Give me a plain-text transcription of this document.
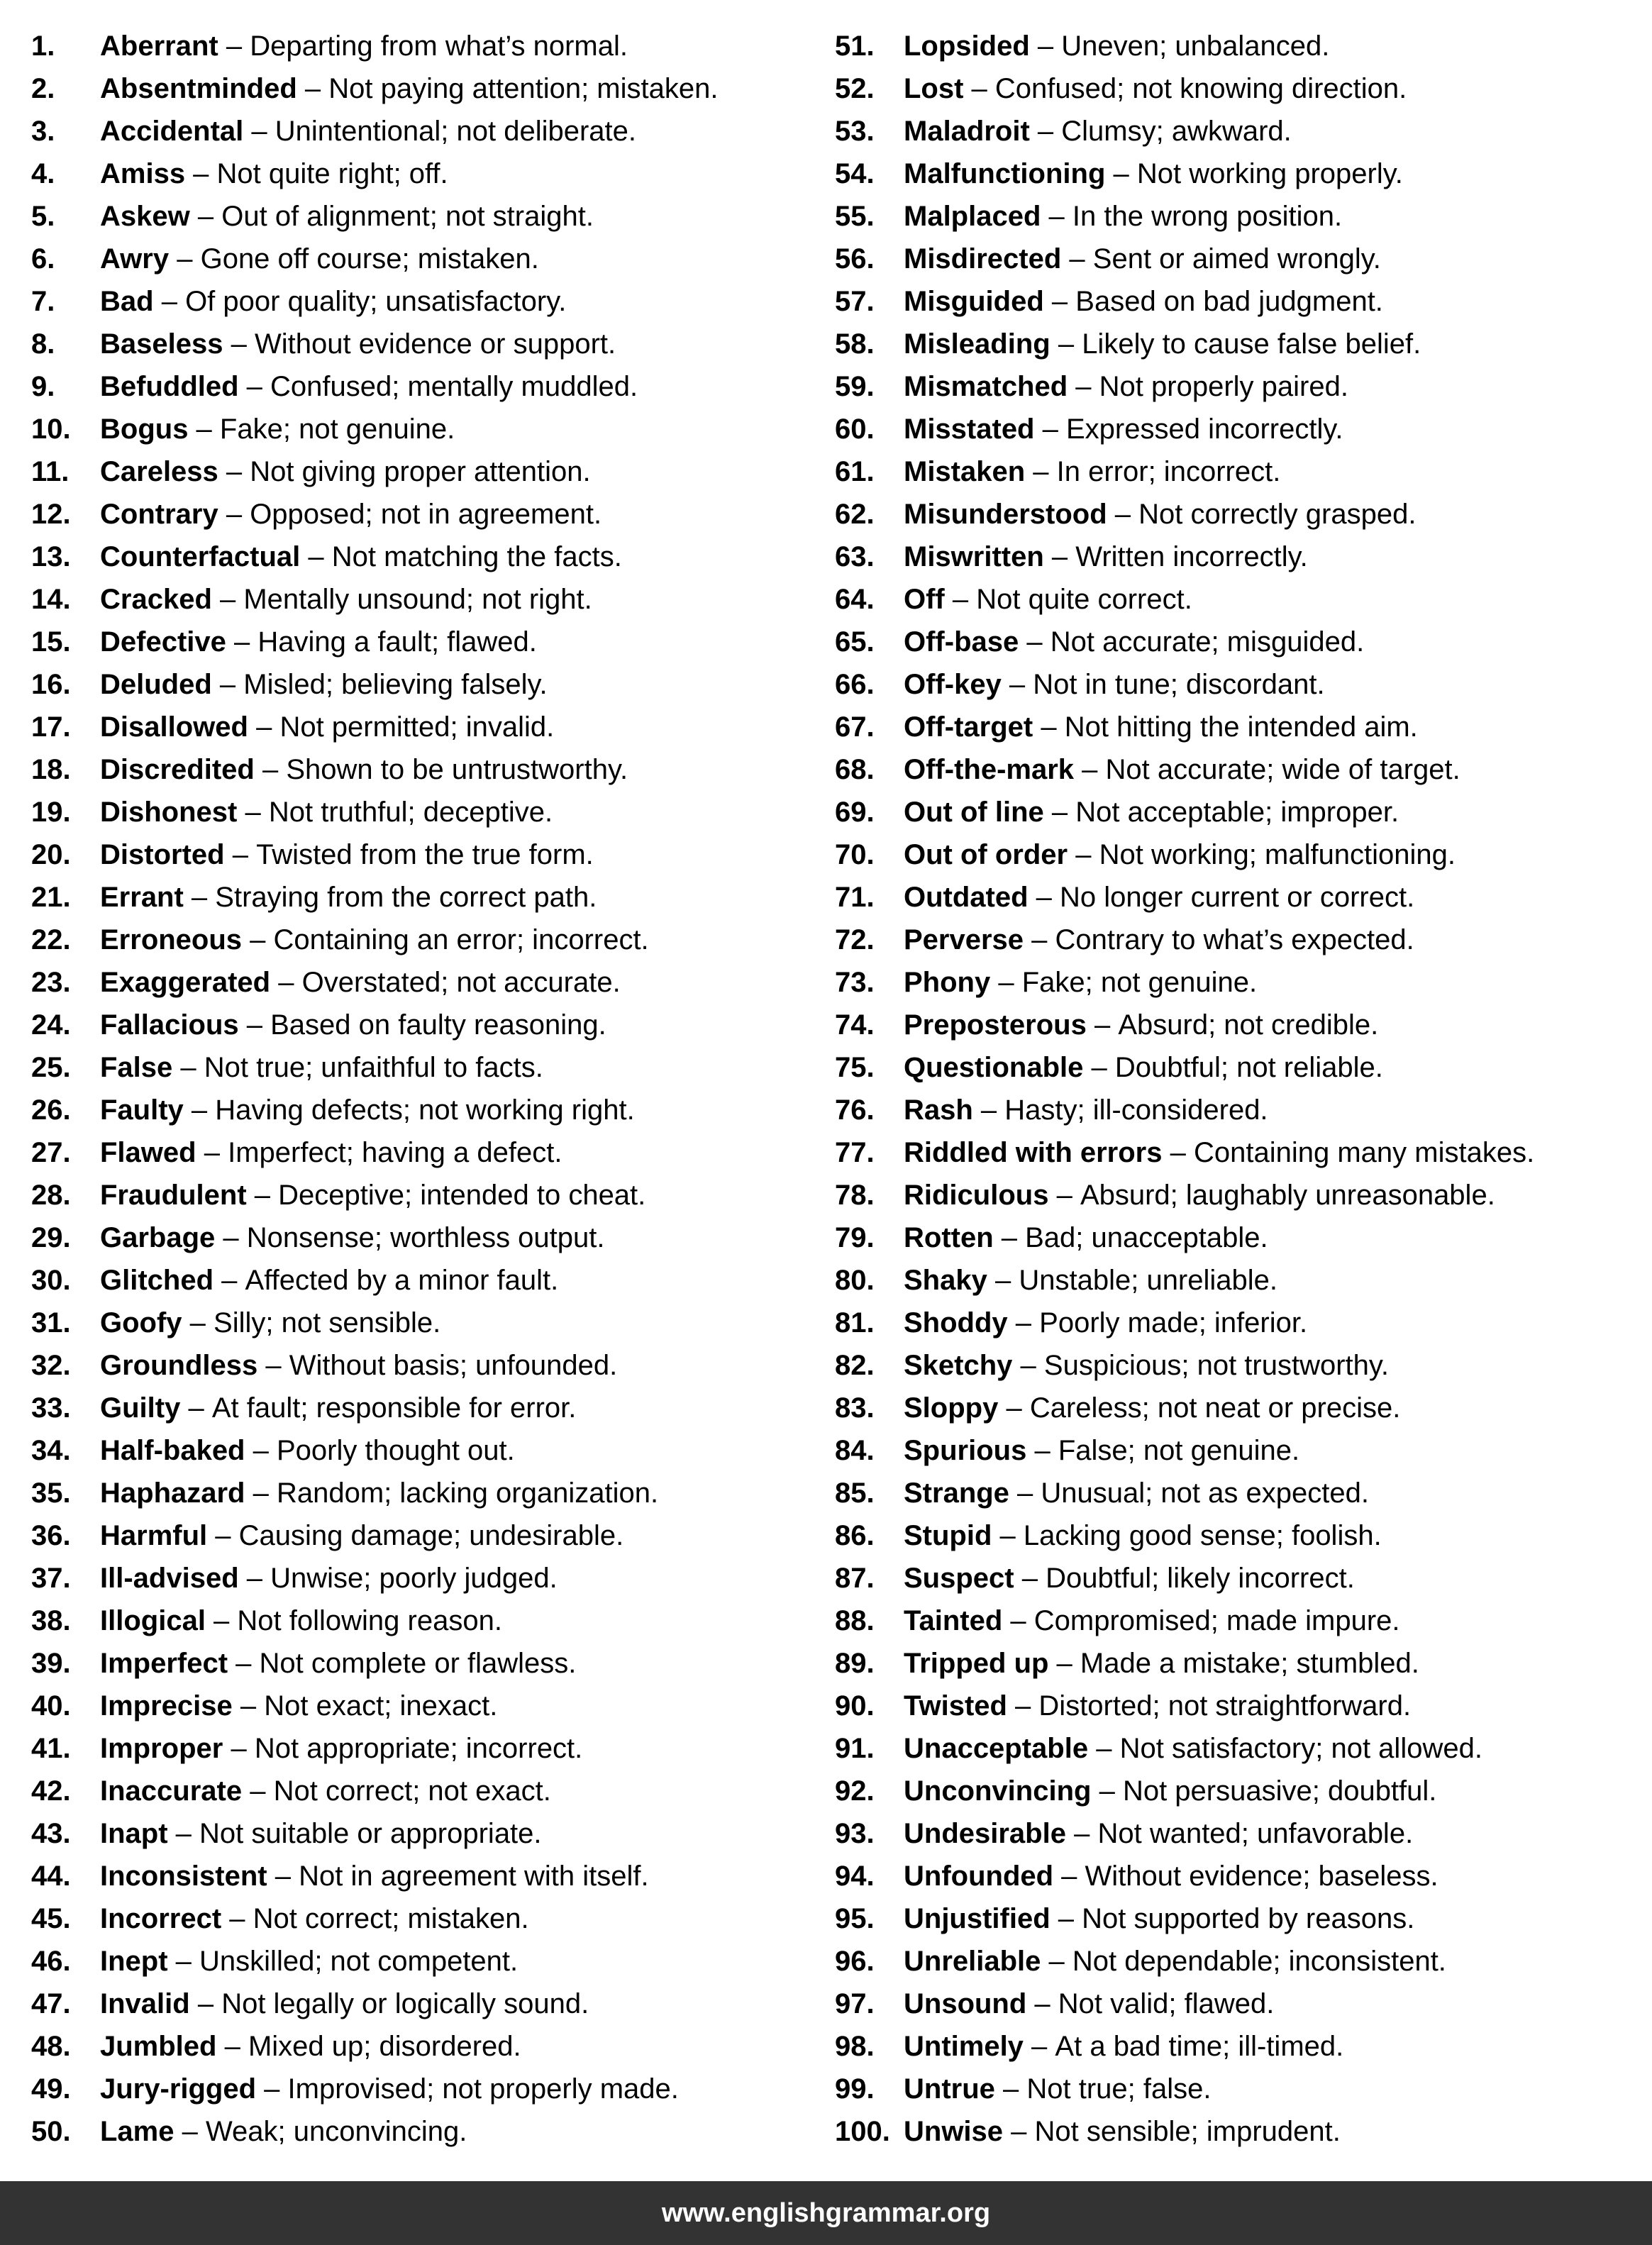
1.	Aberrant – Departing from what’s normal.
2.	Absentminded – Not paying attention; mistaken.
3.	Accidental – Unintentional; not deliberate.
4.	Amiss – Not quite right; off.
5.	Askew – Out of alignment; not straight.
6.	Awry – Gone off course; mistaken.
7.	Bad – Of poor quality; unsatisfactory.
8.	Baseless – Without evidence or support.
9.	Befuddled – Confused; mentally muddled.
10.	Bogus – Fake; not genuine.
11.	Careless – Not giving proper attention.
12.	Contrary – Opposed; not in agreement.
13.	Counterfactual – Not matching the facts.
14.	Cracked – Mentally unsound; not right.
15.	Defective – Having a fault; flawed.
16.	Deluded – Misled; believing falsely.
17.	Disallowed – Not permitted; invalid.
18.	Discredited – Shown to be untrustworthy.
19.	Dishonest – Not truthful; deceptive.
20.	Distorted – Twisted from the true form.
21.	Errant – Straying from the correct path.
22.	Erroneous – Containing an error; incorrect.
23.	Exaggerated – Overstated; not accurate.
24.	Fallacious – Based on faulty reasoning.
25.	False – Not true; unfaithful to facts.
26.	Faulty – Having defects; not working right.
27.	Flawed – Imperfect; having a defect.
28.	Fraudulent – Deceptive; intended to cheat.
29.	Garbage – Nonsense; worthless output.
30.	Glitched – Affected by a minor fault.
31.	Goofy – Silly; not sensible.
32.	Groundless – Without basis; unfounded.
33.	Guilty – At fault; responsible for error.
34.	Half-baked – Poorly thought out.
35.	Haphazard – Random; lacking organization.
36.	Harmful – Causing damage; undesirable.
37.	Ill-advised – Unwise; poorly judged.
38.	Illogical – Not following reason.
39.	Imperfect – Not complete or flawless.
40.	Imprecise – Not exact; inexact.
41.	Improper – Not appropriate; incorrect.
42.	Inaccurate – Not correct; not exact.
43.	Inapt – Not suitable or appropriate.
44.	Inconsistent – Not in agreement with itself.
45.	Incorrect – Not correct; mistaken.
46.	Inept – Unskilled; not competent.
47.	Invalid – Not legally or logically sound.
48.	Jumbled – Mixed up; disordered.
49.	Jury-rigged – Improvised; not properly made.
50.	Lame – Weak; unconvincing.
51.	Lopsided – Uneven; unbalanced.
52.	Lost – Confused; not knowing direction.
53.	Maladroit – Clumsy; awkward.
54.	Malfunctioning – Not working properly.
55.	Malplaced – In the wrong position.
56.	Misdirected – Sent or aimed wrongly.
57.	Misguided – Based on bad judgment.
58.	Misleading – Likely to cause false belief.
59.	Mismatched – Not properly paired.
60.	Misstated – Expressed incorrectly.
61.	Mistaken – In error; incorrect.
62.	Misunderstood – Not correctly grasped.
63.	Miswritten – Written incorrectly.
64.	Off – Not quite correct.
65.	Off-base – Not accurate; misguided.
66.	Off-key – Not in tune; discordant.
67.	Off-target – Not hitting the intended aim.
68.	Off-the-mark – Not accurate; wide of target.
69.	Out of line – Not acceptable; improper.
70.	Out of order – Not working; malfunctioning.
71.	Outdated – No longer current or correct.
72.	Perverse – Contrary to what’s expected.
73.	Phony – Fake; not genuine.
74.	Preposterous – Absurd; not credible.
75.	Questionable – Doubtful; not reliable.
76.	Rash – Hasty; ill-considered.
77.	Riddled with errors – Containing many mistakes.
78.	Ridiculous – Absurd; laughably unreasonable.
79.	Rotten – Bad; unacceptable.
80.	Shaky – Unstable; unreliable.
81.	Shoddy – Poorly made; inferior.
82.	Sketchy – Suspicious; not trustworthy.
83.	Sloppy – Careless; not neat or precise.
84.	Spurious – False; not genuine.
85.	Strange – Unusual; not as expected.
86.	Stupid – Lacking good sense; foolish.
87.	Suspect – Doubtful; likely incorrect.
88.	Tainted – Compromised; made impure.
89.	Tripped up – Made a mistake; stumbled.
90.	Twisted – Distorted; not straightforward.
91.	Unacceptable – Not satisfactory; not allowed.
92.	Unconvincing – Not persuasive; doubtful.
93.	Undesirable – Not wanted; unfavorable.
94.	Unfounded – Without evidence; baseless.
95.	Unjustified – Not supported by reasons.
96.	Unreliable – Not dependable; inconsistent.
97.	Unsound – Not valid; flawed.
98.	Untimely – At a bad time; ill-timed.
99.	Untrue – Not true; false.
100. Unwise – Not sensible; imprudent.
www.englishgrammar.org
